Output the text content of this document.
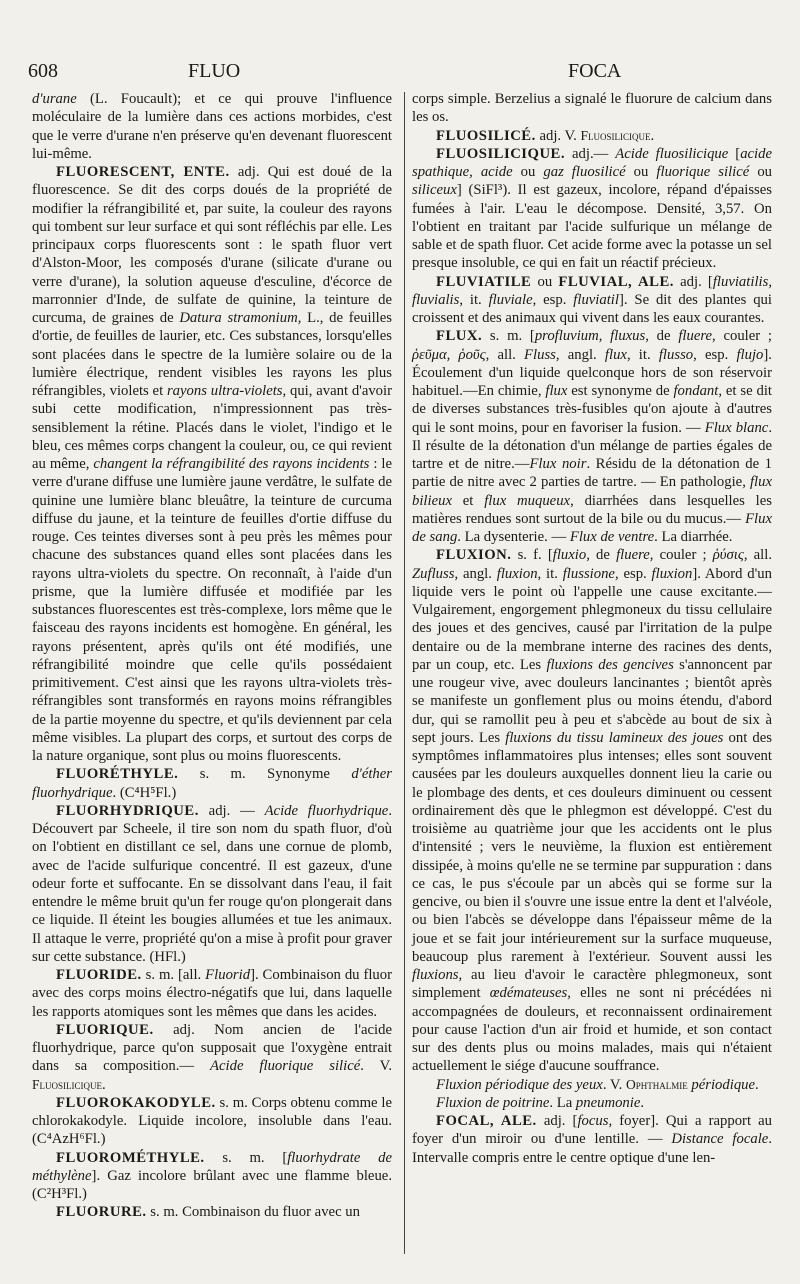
608	FLUO	FOCA

d'urane (L. Foucault); et ce qui prouve l'influence moléculaire de la lumière dans ces actions morbides, c'est que le verre d'urane n'en préserve qu'en devenant fluorescent lui-même.

FLUORESCENT, ENTE. adj. Qui est doué de la fluorescence. Se dit des corps doués de la propriété de modifier la réfrangibilité et, par suite, la couleur des rayons qui tombent sur leur surface et qui sont réfléchis par elle. Les principaux corps fluorescents sont : le spath fluor vert d'Alston-Moor, les composés d'urane (silicate d'urane ou verre d'urane), la solution aqueuse d'esculine, d'écorce de marronnier d'Inde, de sulfate de quinine, la teinture de curcuma, de graines de Datura stramonium, L., de feuilles d'ortie, de feuilles de laurier, etc. Ces substances, lorsqu'elles sont placées dans le spectre de la lumière solaire ou de la lumière électrique, rendent visibles les rayons les plus réfrangibles, violets et rayons ultra-violets, qui, avant d'avoir subi cette modification, n'impressionnent pas très-sensiblement la rétine. Placés dans le violet, l'indigo et le bleu, ces mêmes corps changent la couleur, ou, ce qui revient au même, changent la réfrangibilité des rayons incidents : le verre d'urane diffuse une lumière jaune verdâtre, le sulfate de quinine une lumière blanc bleuâtre, la teinture de curcuma diffuse du jaune, et la teinture de feuilles d'ortie diffuse du rouge. Ces teintes diverses sont à peu près les mêmes pour chacune des substances quand elles sont placées dans les rayons ultra-violets du spectre. On reconnaît, à l'aide d'un prisme, que la lumière diffusée et modifiée par les substances fluorescentes est très-complexe, lors même que le faisceau des rayons incidents est homogène. En général, les rayons présentent, après qu'ils ont été modifiés, une réfrangibilité moindre que celle qu'ils possédaient primitivement. C'est ainsi que les rayons ultra-violets très-réfrangibles sont transformés en rayons moins réfrangibles de la partie moyenne du spectre, et qu'ils deviennent par cela même visibles. La plupart des corps, et surtout des corps de la nature organique, sont plus ou moins fluorescents.

FLUORÉTHYLE. s. m. Synonyme d'éther fluorhydrique. (C⁴H⁵Fl.)

FLUORHYDRIQUE. adj. — Acide fluorhydrique. Découvert par Scheele, il tire son nom du spath fluor, d'où on l'obtient en distillant ce sel, dans une cornue de plomb, avec de l'acide sulfurique concentré. Il est gazeux, d'une odeur forte et suffocante. En se dissolvant dans l'eau, il fait entendre le même bruit qu'un fer rouge qu'on plongerait dans ce liquide. Il éteint les bougies allumées et tue les animaux. Il attaque le verre, propriété qu'on a mise à profit pour graver sur cette substance. (HFl.)

FLUORIDE. s. m. [all. Fluorid]. Combinaison du fluor avec des corps moins électro-négatifs que lui, dans laquelle les rapports atomiques sont les mêmes que dans les acides.

FLUORIQUE. adj. Nom ancien de l'acide fluorhydrique, parce qu'on supposait que l'oxygène entrait dans sa composition.— Acide fluorique silicé. V. Fluosilicique.

FLUOROKAKODYLE. s. m. Corps obtenu comme le chlorokakodyle. Liquide incolore, insoluble dans l'eau. (C⁴AzH⁶Fl.)

FLUOROMÉTHYLE. s. m. [fluorhydrate de méthylène]. Gaz incolore brûlant avec une flamme bleue. (C²H³Fl.)

FLUORURE. s. m. Combinaison du fluor avec un

corps simple. Berzelius a signalé le fluorure de calcium dans les os.

FLUOSILICÉ. adj. V. Fluosilicique.

FLUOSILICIQUE. adj.— Acide fluosilicique [acide spathique, acide ou gaz fluosilicé ou fluorique silicé ou siliceux] (SiFl³). Il est gazeux, incolore, répand d'épaisses fumées à l'air. L'eau le décompose. Densité, 3,57. On l'obtient en traitant par l'acide sulfurique un mélange de sable et de spath fluor. Cet acide forme avec la potasse un sel presque insoluble, ce qui en fait un réactif précieux.

FLUVIATILE ou FLUVIAL, ALE. adj. [fluviatilis, fluvialis, it. fluviale, esp. fluviatil]. Se dit des plantes qui croissent et des animaux qui vivent dans les eaux courantes.

FLUX. s. m. [profluvium, fluxus, de fluere, couler ; ῥεῦμα, ῥοῦς, all. Fluss, angl. flux, it. flusso, esp. flujo]. Écoulement d'un liquide quelconque hors de son réservoir habituel.—En chimie, flux est synonyme de fondant, et se dit de diverses substances très-fusibles qu'on ajoute à d'autres qui le sont moins, pour en favoriser la fusion. — Flux blanc. Il résulte de la détonation d'un mélange de parties égales de tartre et de nitre.—Flux noir. Résidu de la détonation de 1 partie de nitre avec 2 parties de tartre. — En pathologie, flux bilieux et flux muqueux, diarrhées dans lesquelles les matières rendues sont surtout de la bile ou du mucus.— Flux de sang. La dysenterie. — Flux de ventre. La diarrhée.

FLUXION. s. f. [fluxio, de fluere, couler ; ῥύσις, all. Zufluss, angl. fluxion, it. flussione, esp. fluxion]. Abord d'un liquide vers le point où l'appelle une cause excitante.—Vulgairement, engorgement phlegmoneux du tissu cellulaire des joues et des gencives, causé par l'irritation de la pulpe dentaire ou de la membrane interne des racines des dents, par un coup, etc. Les fluxions des gencives s'annoncent par une rougeur vive, avec douleurs lancinantes ; bientôt après se manifeste un gonflement plus ou moins étendu, d'abord dur, qui se ramollit peu à peu et s'abcède au bout de six à sept jours. Les fluxions du tissu lamineux des joues ont des symptômes inflammatoires plus intenses; elles sont souvent causées par les douleurs auxquelles donnent lieu la carie ou le plombage des dents, et ces douleurs diminuent ou cessent ordinairement dès que le phlegmon est développé. C'est du troisième au quatrième jour que les accidents ont le plus d'intensité ; vers le neuvième, la fluxion est entièrement dissipée, à moins qu'elle ne se termine par suppuration : dans ce cas, le pus s'écoule par un abcès qui se forme sur la gencive, ou bien il s'ouvre une issue entre la dent et l'alvéole, ou bien l'abcès se développe dans l'épaisseur même de la joue et se fait jour intérieurement sur la surface muqueuse, beaucoup plus rarement à l'extérieur. Souvent aussi les fluxions, au lieu d'avoir le caractère phlegmoneux, sont simplement œdémateuses, elles ne sont ni précédées ni accompagnées de douleurs, et reconnaissent ordinairement pour cause l'action d'un air froid et humide, et son contact sur des dents plus ou moins malades, mais qui n'étaient actuellement le siége d'aucune souffrance.

Fluxion périodique des yeux. V. Ophthalmie périodique.

Fluxion de poitrine. La pneumonie.

FOCAL, ALE. adj. [focus, foyer]. Qui a rapport au foyer d'un miroir ou d'une lentille. — Distance focale. Intervalle compris entre le centre optique d'une len-
